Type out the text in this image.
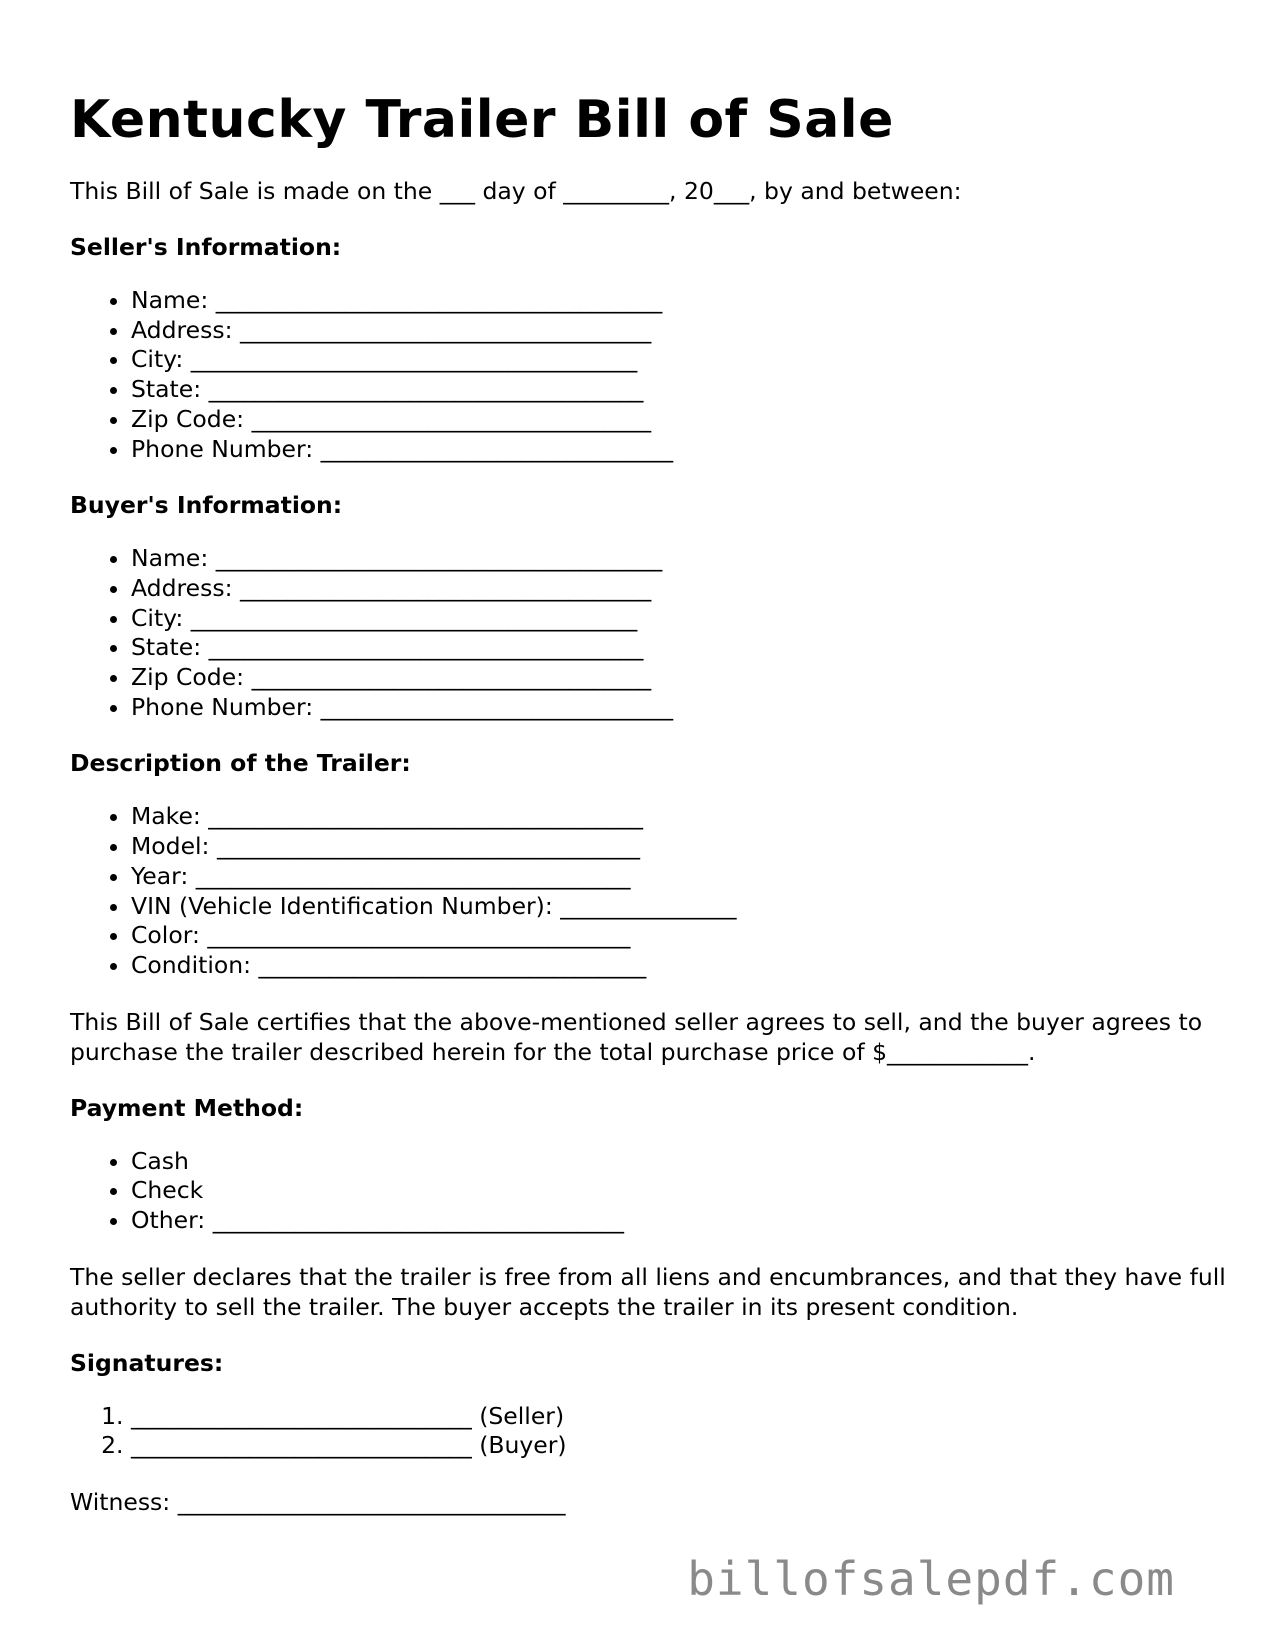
Kentucky Trailer Bill of Sale

This Bill of Sale is made on the ___ day of _________, 20___, by and between:

Seller's Information:
• Name: ______________________________________
• Address: ___________________________________
• City: ______________________________________
• State: _____________________________________
• Zip Code: __________________________________
• Phone Number: ______________________________
Buyer's Information:
• Name: ______________________________________
• Address: ___________________________________
• City: ______________________________________
• State: _____________________________________
• Zip Code: __________________________________
• Phone Number: ______________________________
Description of the Trailer:
• Make: _____________________________________
• Model: ____________________________________
• Year: _____________________________________
• VIN (Vehicle Identification Number): _______________
• Color: ____________________________________
• Condition: _________________________________

This Bill of Sale certifies that the above-mentioned seller agrees to sell, and the buyer agrees to purchase the trailer described herein for the total purchase price of $____________.

Payment Method:
• Cash
• Check
• Other: ___________________________________

The seller declares that the trailer is free from all liens and encumbrances, and that they have full authority to sell the trailer. The buyer accepts the trailer in its present condition.

Signatures:
1. _____________________________ (Seller)
2. _____________________________ (Buyer)

Witness: _________________________________

billofsalepdf.com
